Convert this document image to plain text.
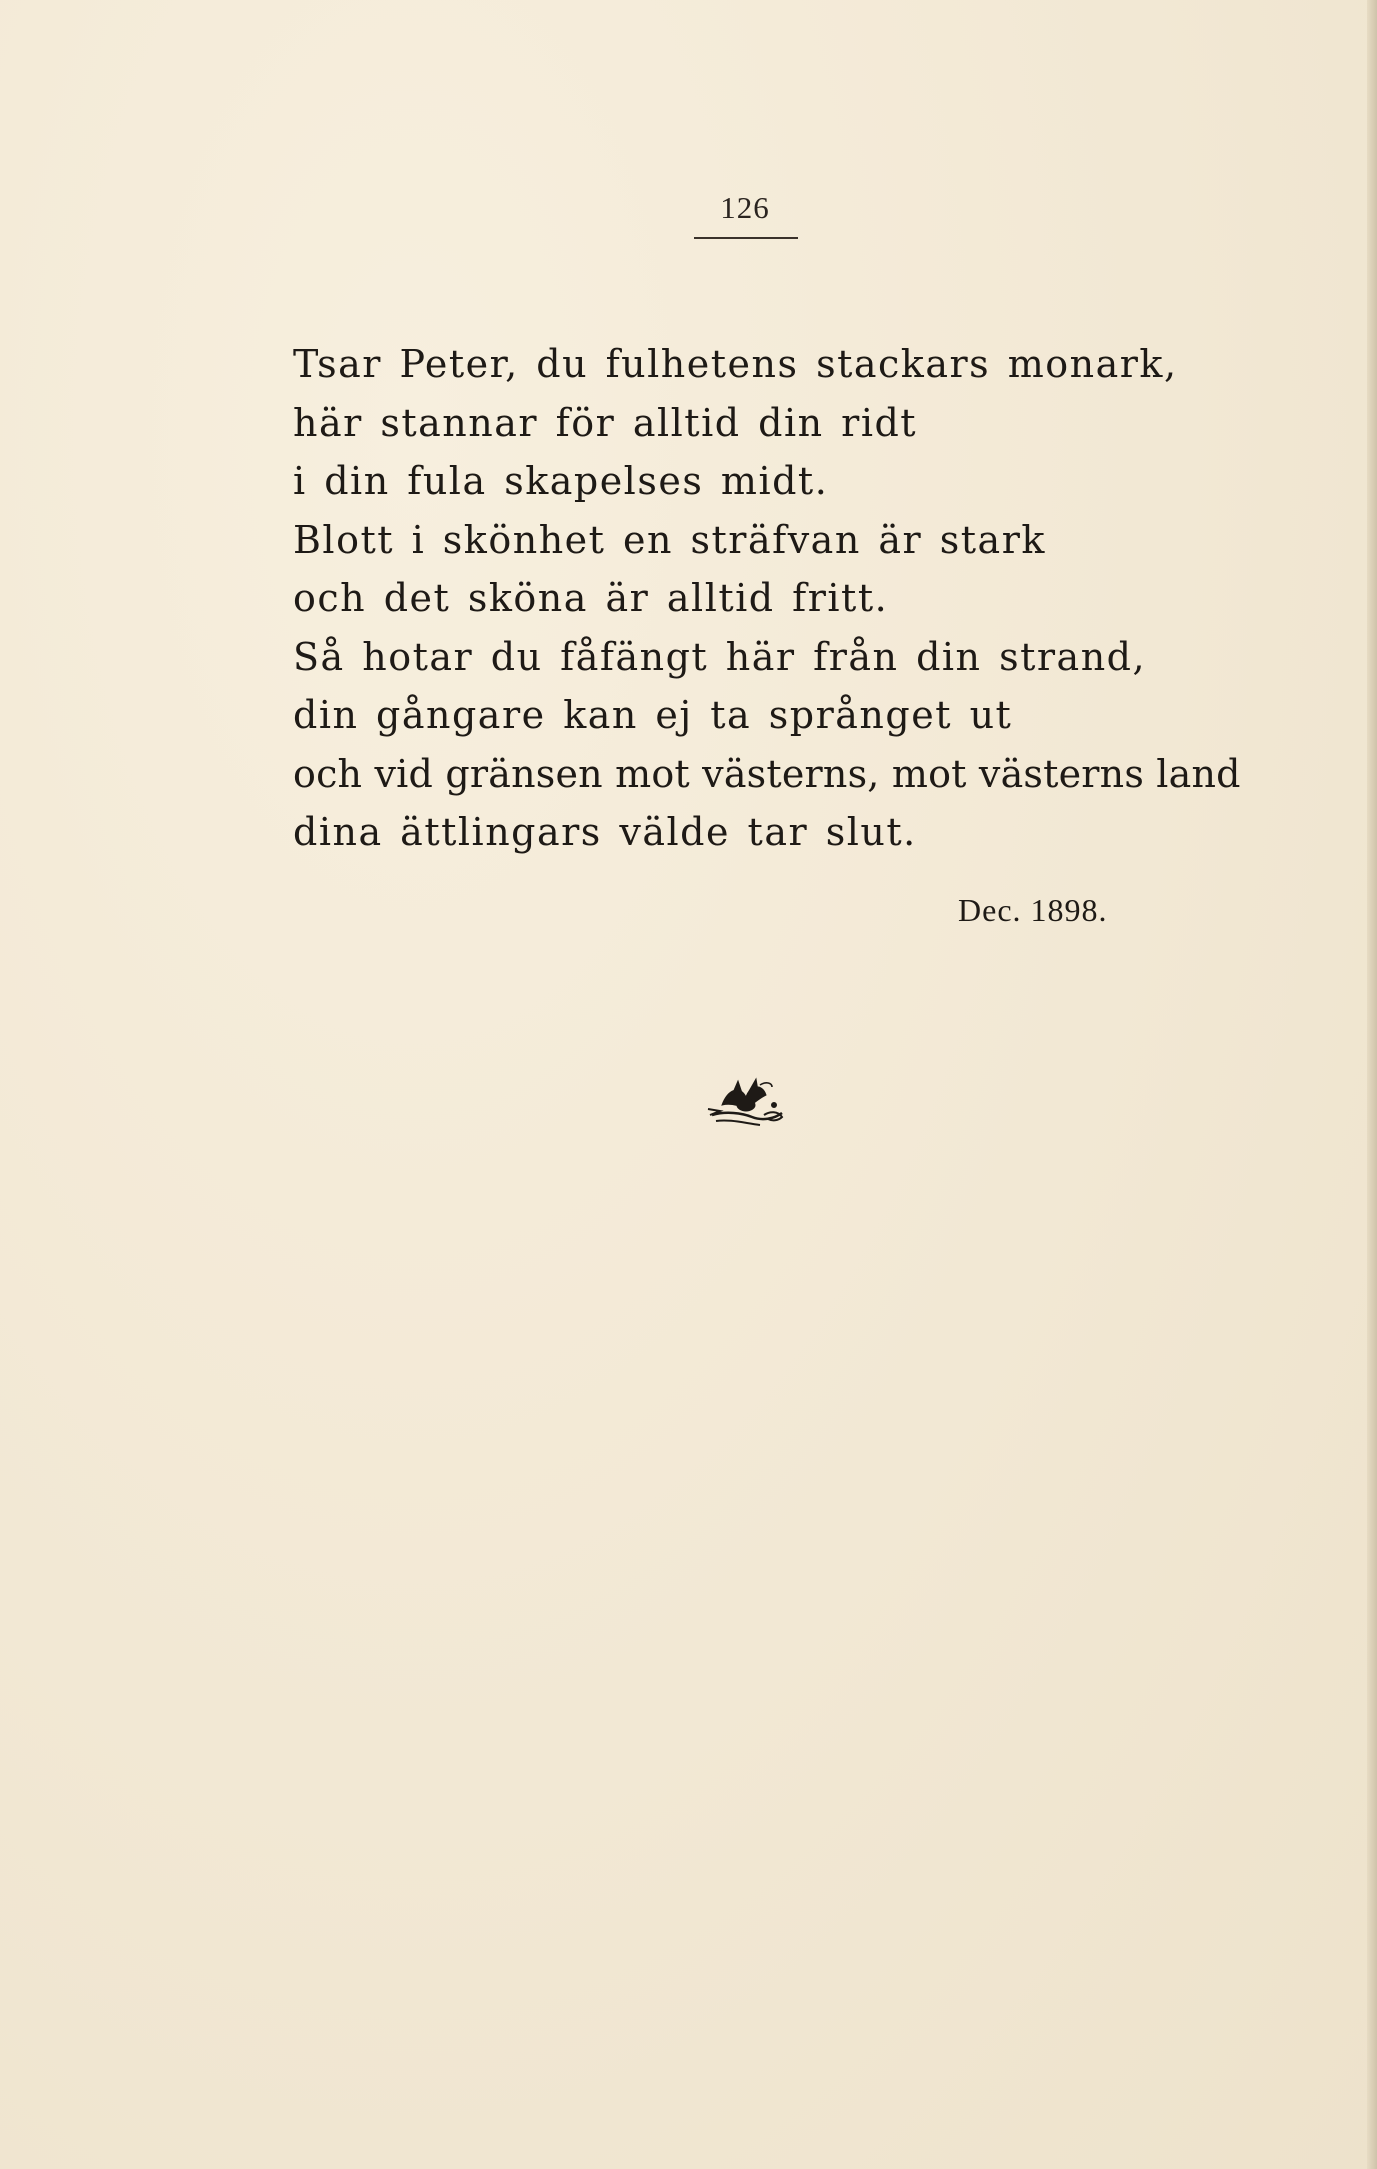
126
Tsar Peter, du fulhetens stackars monark,
här stannar för alltid din ridt
i din fula skapelses midt.
Blott i skönhet en sträfvan är stark
och det sköna är alltid fritt.
Så hotar du fåfängt här från din strand,
din gångare kan ej ta språnget ut
och vid gränsen mot västerns, mot västerns land
dina ättlingars välde tar slut.
Dec. 1898.
